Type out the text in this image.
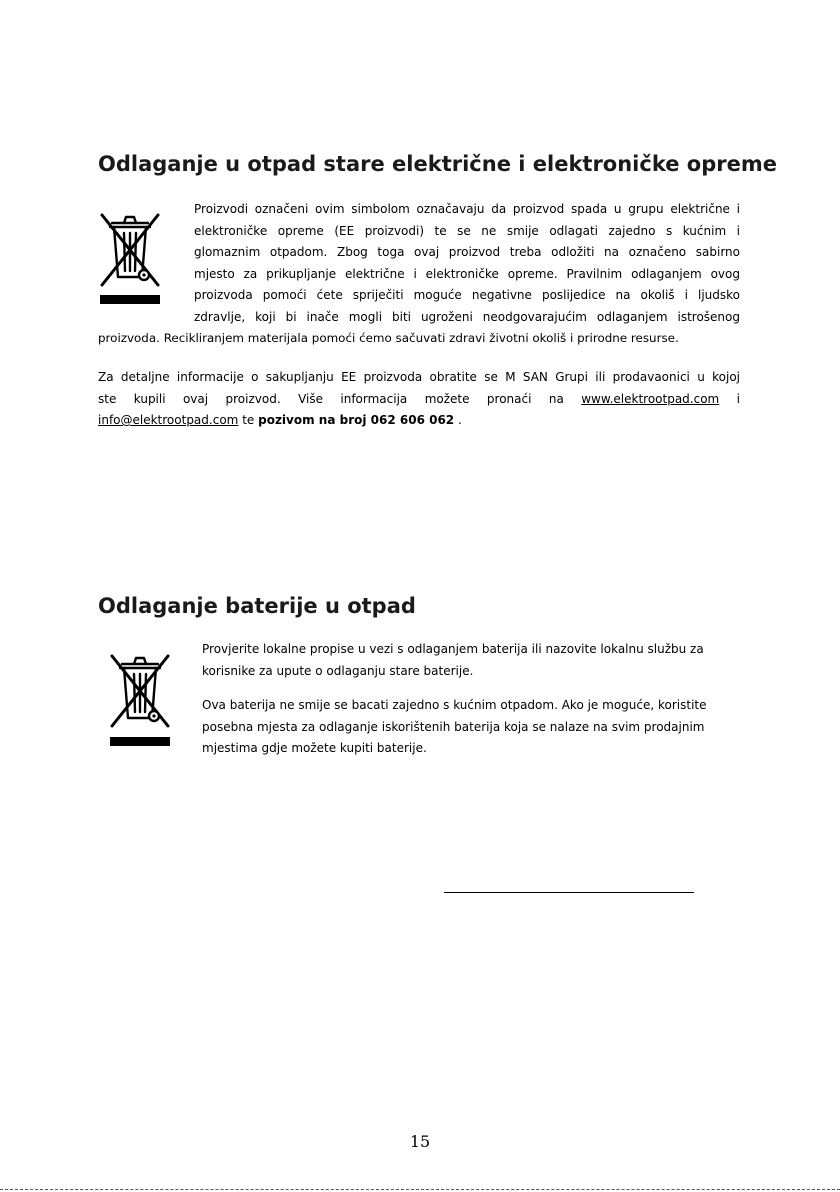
Odlaganje u otpad stare električne i elektroničke opreme

Proizvodi označeni ovim simbolom označavaju da proizvod spada u grupu električne i

elektroničke opreme (EE proizvodi) te se ne smije odlagati zajedno s kućnim i

glomaznim otpadom. Zbog toga ovaj proizvod treba odložiti na označeno sabirno

mjesto za prikupljanje električne i elektroničke opreme. Pravilnim odlaganjem ovog

proizvoda pomoći ćete spriječiti moguće negativne poslijedice na okoliš i ljudsko

zdravlje, koji bi inače mogli biti ugroženi neodgovarajućim odlaganjem istrošenog

proizvoda. Recikliranjem materijala pomoći ćemo sačuvati zdravi životni okoliš i prirodne resurse.

Za detaljne informacije o sakupljanju EE proizvoda obratite se M SAN Grupi ili prodavaonici u kojoj

ste kupili ovaj proizvod. Više informacija možete pronaći na www.elektrootpad.com i
info@elektrootpad.com te pozivom na broj 062 606 062 .
Odlaganje baterije u otpad

Provjerite lokalne propise u vezi s odlaganjem baterija ili nazovite lokalnu službu za

korisnike za upute o odlaganju stare baterije.

Ova baterija ne smije se bacati zajedno s kućnim otpadom. Ako je moguće, koristite

posebna mjesta za odlaganje iskorištenih baterija koja se nalaze na svim prodajnim

mjestima gdje možete kupiti baterije.

15
